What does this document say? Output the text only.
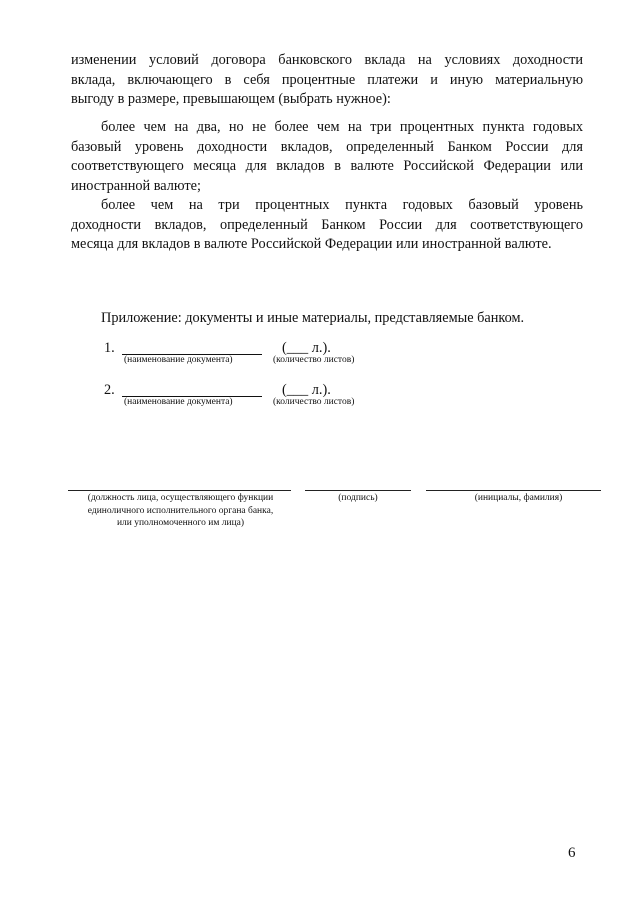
изменении условий договора банковского вклада на условиях доходности
вклада, включающего в себя процентные платежи и иную материальную
выгоду в размере, превышающем (выбрать нужное):
более чем на два, но не более чем на три процентных пункта годовых
базовый уровень доходности вкладов, определенный Банком России для
соответствующего месяца для вкладов в валюте Российской Федерации или
иностранной валюте;
более чем на три процентных пункта годовых базовый уровень
доходности вкладов, определенный Банком России для соответствующего
месяца для вкладов в валюте Российской Федерации или иностранной валюте.

Приложение: документы и иные материалы, представляемые банком.

1.
(наименование документа)
(___ л.).
(количество листов)
2.
(наименование документа)
(___ л.).
(количество листов)
(должность лица, осуществляющего функции
единоличного исполнительного органа банка,
или уполномоченного им лица)
(подпись)	(инициалы, фамилия)
6
